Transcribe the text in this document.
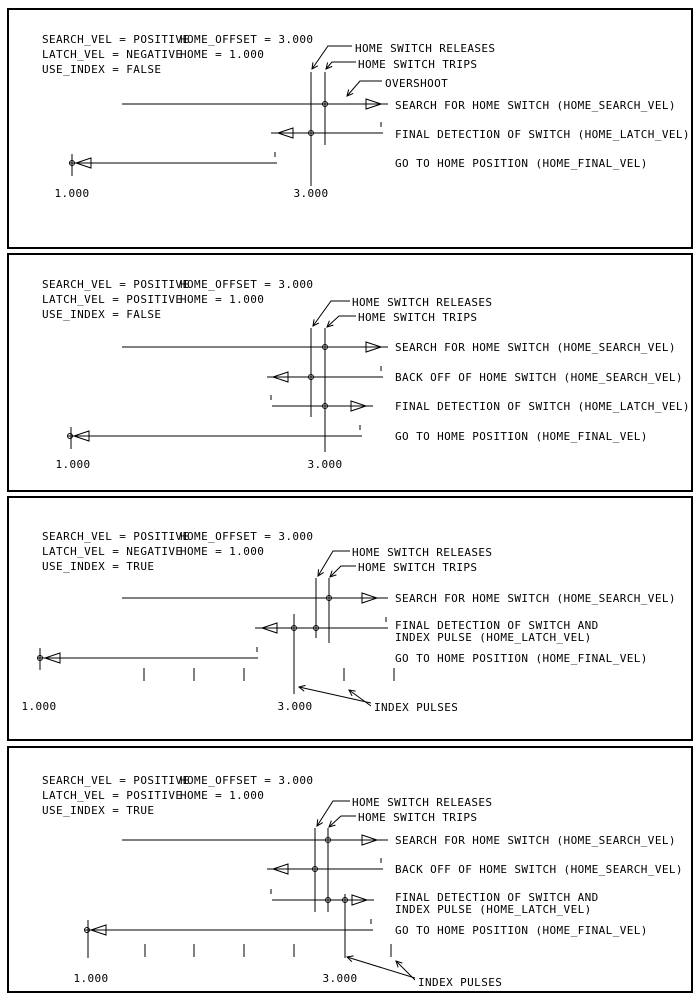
SEARCH_VEL = POSITIVE
HOME_OFFSET = 3.000
LATCH_VEL = NEGATIVE
HOME = 1.000
USE_INDEX = FALSE
HOME SWITCH RELEASES
HOME SWITCH TRIPS
OVERSHOOT
SEARCH FOR HOME SWITCH (HOME_SEARCH_VEL)
FINAL DETECTION OF SWITCH (HOME_LATCH_VEL)
GO TO HOME POSITION (HOME_FINAL_VEL)
1.000	3.000
SEARCH_VEL = POSITIVE
HOME_OFFSET = 3.000
LATCH_VEL = POSITIVE
HOME = 1.000
USE_INDEX = FALSE
HOME SWITCH RELEASES
HOME SWITCH TRIPS
SEARCH FOR HOME SWITCH (HOME_SEARCH_VEL)
BACK OFF OF HOME SWITCH (HOME_SEARCH_VEL)
FINAL DETECTION OF SWITCH (HOME_LATCH_VEL)
GO TO HOME POSITION (HOME_FINAL_VEL)
1.000	3.000
SEARCH_VEL = POSITIVE
HOME_OFFSET = 3.000
LATCH_VEL = NEGATIVE
HOME = 1.000
USE_INDEX = TRUE
HOME SWITCH RELEASES
HOME SWITCH TRIPS
SEARCH FOR HOME SWITCH (HOME_SEARCH_VEL)
FINAL DETECTION OF SWITCH AND
INDEX PULSE (HOME_LATCH_VEL)
GO TO HOME POSITION (HOME_FINAL_VEL)
INDEX PULSES
1.000	3.000
SEARCH_VEL = POSITIVE
HOME_OFFSET = 3.000
LATCH_VEL = POSITIVE
HOME = 1.000
USE_INDEX = TRUE
HOME SWITCH RELEASES
HOME SWITCH TRIPS
SEARCH FOR HOME SWITCH (HOME_SEARCH_VEL)
BACK OFF OF HOME SWITCH (HOME_SEARCH_VEL)
FINAL DETECTION OF SWITCH AND
INDEX PULSE (HOME_LATCH_VEL)
GO TO HOME POSITION (HOME_FINAL_VEL)
INDEX PULSES
1.000	3.000
